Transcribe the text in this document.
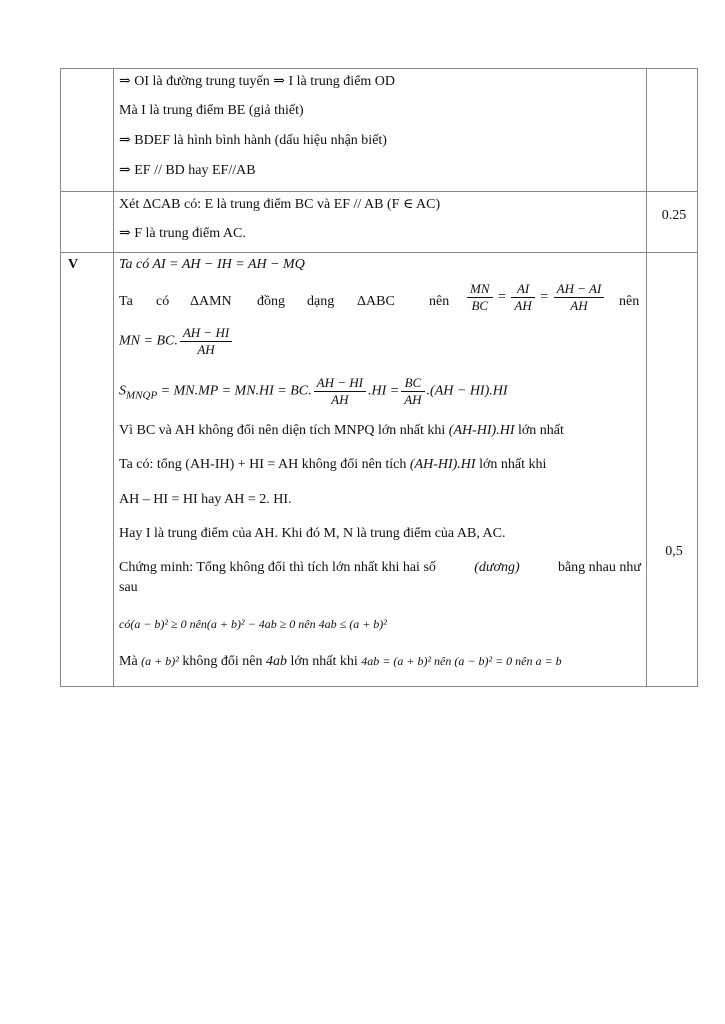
⇒ OI là đường trung tuyến ⇒ I là trung điểm OD
Mà I là trung điểm BE (giả thiết)
⇒ BDEF là hình bình hành (dấu hiệu nhận biết)
⇒ EF // BD hay EF//AB
Xét ΔCAB có: E là trung điểm BC và EF // AB (F ∈ AC)
⇒ F là trung điểm AC.
0.25
V
0,5
Ta có AI = AH − IH = AH − MQ
Ta có ΔAMN đồng dạng ΔABC nên $\frac{MN}{BC} = \frac{AI}{AH} = \frac{AH - AI}{AH}$ nên
MN = BC. $\frac{AH - HI}{AH}$
$S_{MNQP} = MN.MP = MN.HI$ = BC. $\frac{AH - HI}{AH} .HI = \frac{BC}{AH} .(AH - HI).HI$
Vì BC và AH không đổi nên diện tích MNPQ lớn nhất khi (AH-HI).HI lớn nhất
Ta có: tổng (AH-IH) + HI = AH không đổi nên tích (AH-HI).HI lớn nhất khi
AH – HI = HI hay AH = 2. HI.
Hay I là trung điểm của AH. Khi đó M, N là trung điểm của AB, AC.
Chứng minh: Tổng không đổi thì tích lớn nhất khi hai số	(dương)	bằng nhau như
sau
có(a − b)² ≥ 0 nên(a + b)² − 4ab ≥ 0 nên 4ab ≤ (a + b)²
Mà (a + b)² không đổi nên 4ab lớn nhất khi 4ab = (a + b)² nên (a − b)² = 0 nên a = b
